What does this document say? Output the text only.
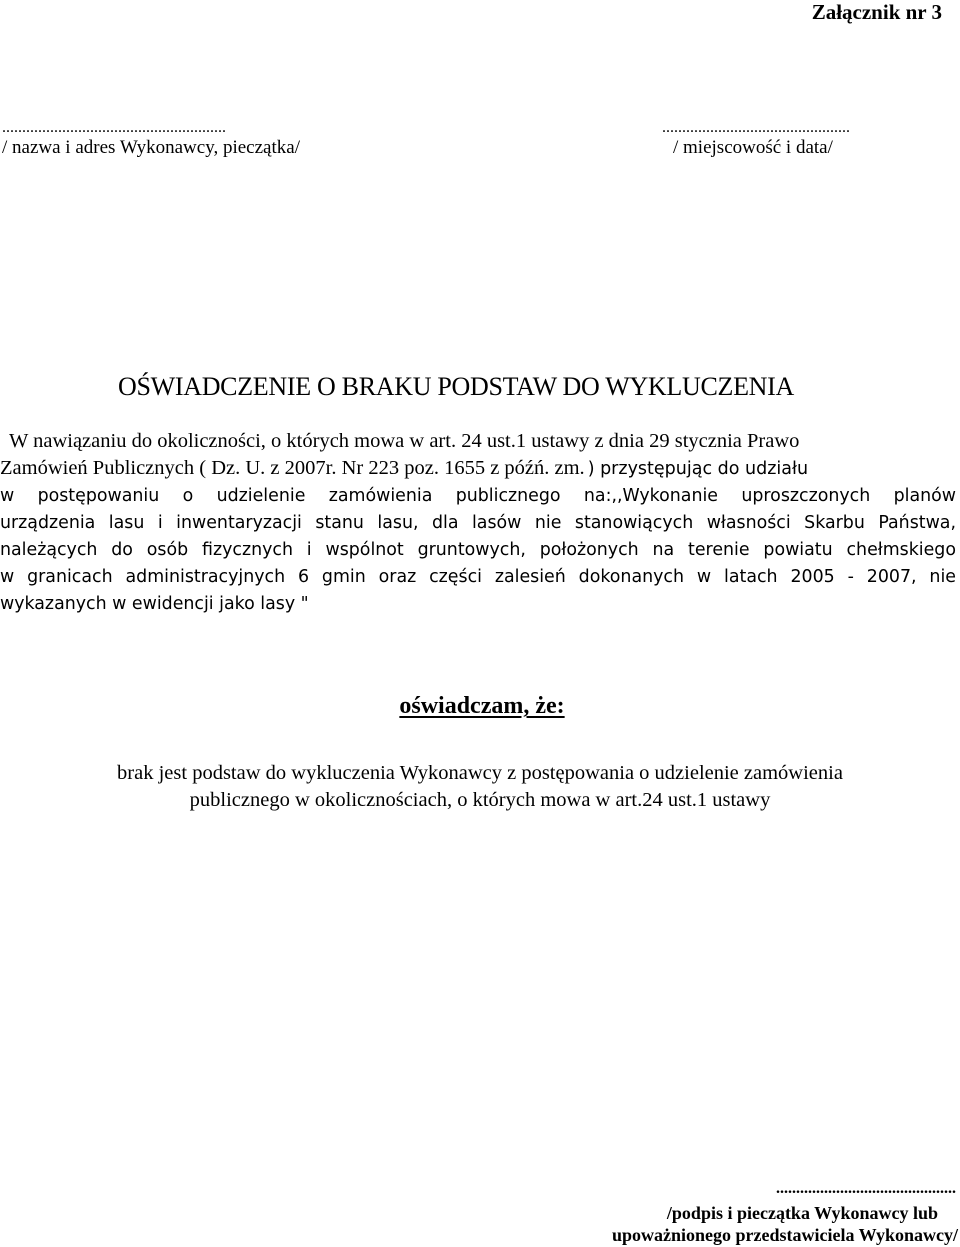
Załącznik nr 3
........................................................	...............................................
/ nazwa i adres Wykonawcy, pieczątka/	/ miejscowość i data/
OŚWIADCZENIE O BRAKU PODSTAW DO WYKLUCZENIA
W nawiązaniu do okoliczności, o których mowa w art. 24 ust.1 ustawy z dnia 29 stycznia Prawo
Zamówień Publicznych ( Dz. U. z 2007r. Nr 223 poz. 1655 z późń. zm. ) przystępując do udziału
w postępowaniu o udzielenie zamówienia publicznego na:,,Wykonanie uproszczonych planów
urządzenia lasu i inwentaryzacji stanu lasu, dla lasów nie stanowiących własności Skarbu Państwa,
należących do osób fizycznych i wspólnot gruntowych, położonych na terenie powiatu chełmskiego
w granicach administracyjnych 6 gmin oraz części zalesień dokonanych w latach 2005 - 2007, nie
wykazanych w ewidencji jako lasy "
oświadczam, że:
brak jest podstaw do wykluczenia Wykonawcy z postępowania o udzielenie zamówienia
publicznego w okolicznościach, o których mowa w art.24 ust.1 ustawy
.............................................
/podpis i pieczątka Wykonawcy lub
upoważnionego przedstawiciela Wykonawcy/
